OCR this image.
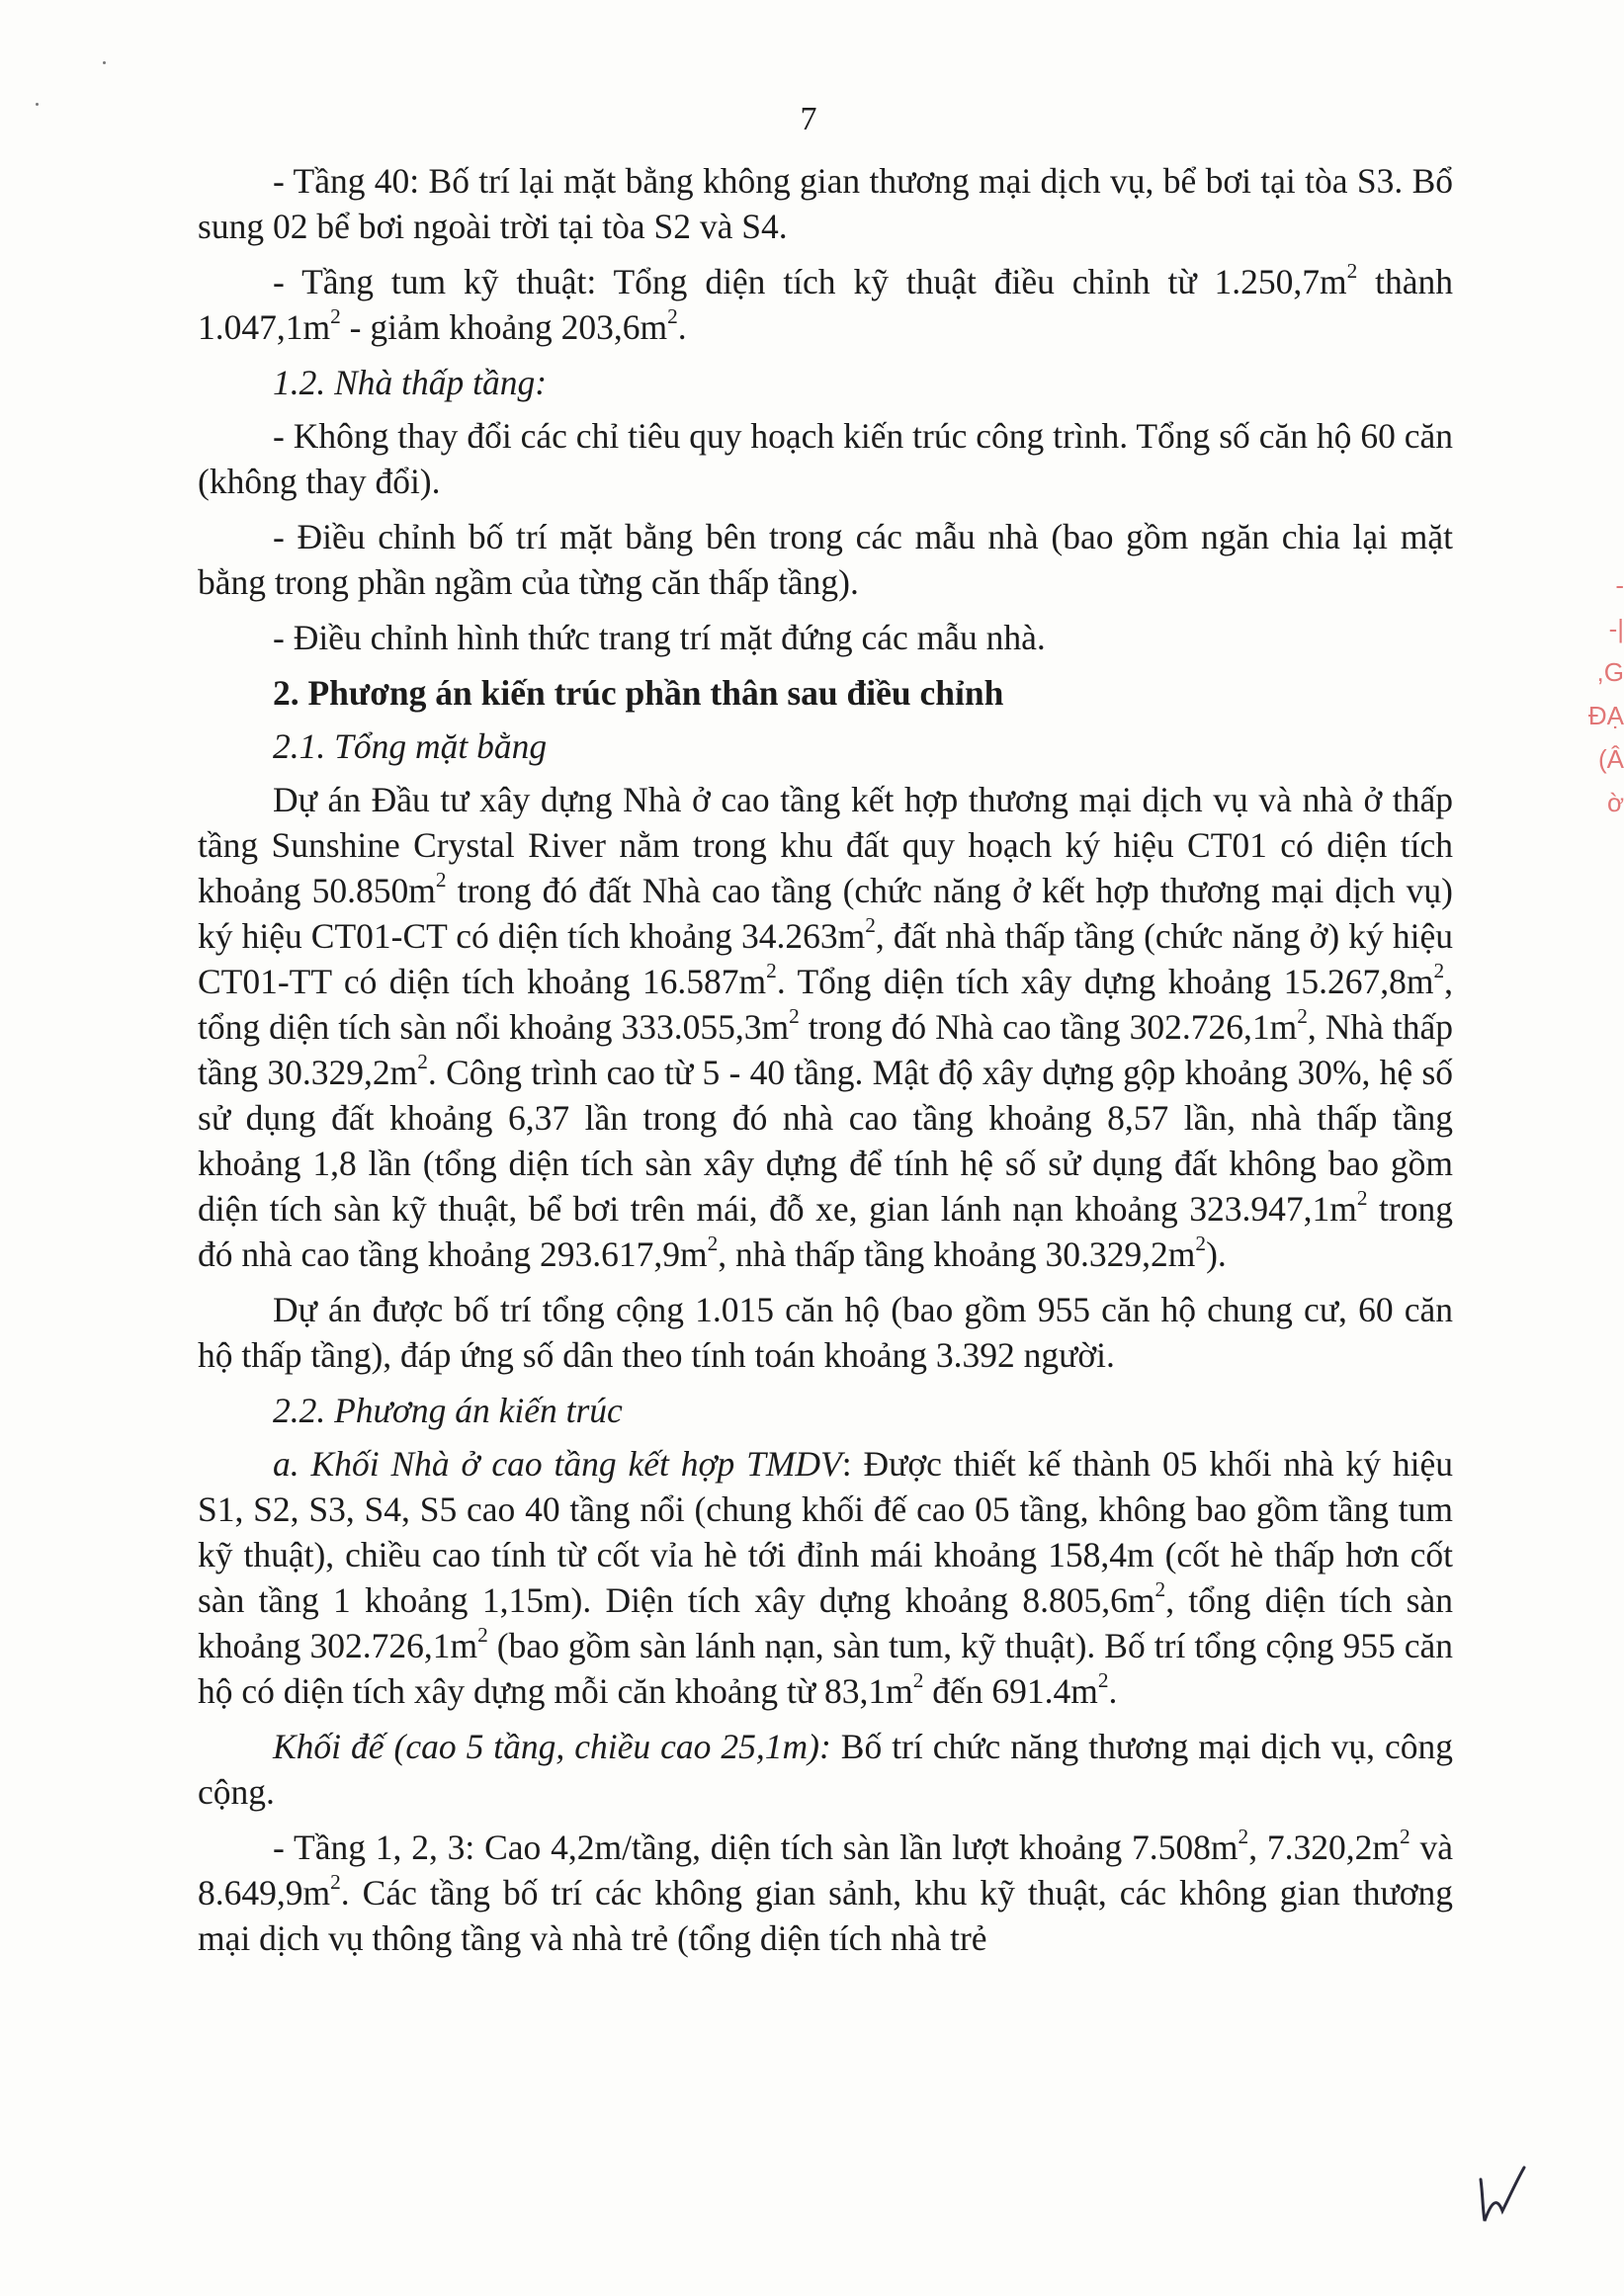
7

- Tầng 40: Bố trí lại mặt bằng không gian thương mại dịch vụ, bể bơi tại tòa S3. Bổ sung 02 bể bơi ngoài trời tại tòa S2 và S4.

- Tầng tum kỹ thuật: Tổng diện tích kỹ thuật điều chỉnh từ $1.250,7m^2$ thành $1.047,1m^2$ - giảm khoảng $203,6m^2$.

1.2. Nhà thấp tầng:

- Không thay đổi các chỉ tiêu quy hoạch kiến trúc công trình. Tổng số căn hộ 60 căn (không thay đổi).

- Điều chỉnh bố trí mặt bằng bên trong các mẫu nhà (bao gồm ngăn chia lại mặt bằng trong phần ngầm của từng căn thấp tầng).

- Điều chỉnh hình thức trang trí mặt đứng các mẫu nhà.

2. Phương án kiến trúc phần thân sau điều chỉnh

2.1. Tổng mặt bằng

Dự án Đầu tư xây dựng Nhà ở cao tầng kết hợp thương mại dịch vụ và nhà ở thấp tầng Sunshine Crystal River nằm trong khu đất quy hoạch ký hiệu CT01 có diện tích khoảng $50.850m^2$ trong đó đất Nhà cao tầng (chức năng ở kết hợp thương mại dịch vụ) ký hiệu CT01-CT có diện tích khoảng $34.263m^2$, đất nhà thấp tầng (chức năng ở) ký hiệu CT01-TT có diện tích khoảng $16.587m^2$. Tổng diện tích xây dựng khoảng $15.267,8m^2$, tổng diện tích sàn nổi khoảng $333.055,3m^2$ trong đó Nhà cao tầng $302.726,1m^2$, Nhà thấp tầng $30.329,2m^2$. Công trình cao từ 5 - 40 tầng. Mật độ xây dựng gộp khoảng 30%, hệ số sử dụng đất khoảng 6,37 lần trong đó nhà cao tầng khoảng 8,57 lần, nhà thấp tầng khoảng 1,8 lần (tổng diện tích sàn xây dựng để tính hệ số sử dụng đất không bao gồm diện tích sàn kỹ thuật, bể bơi trên mái, đỗ xe, gian lánh nạn khoảng $323.947,1m^2$ trong đó nhà cao tầng khoảng $293.617,9m^2$, nhà thấp tầng khoảng $30.329,2m^2$).

Dự án được bố trí tổng cộng 1.015 căn hộ (bao gồm 955 căn hộ chung cư, 60 căn hộ thấp tầng), đáp ứng số dân theo tính toán khoảng 3.392 người.

2.2. Phương án kiến trúc

a. Khối Nhà ở cao tầng kết hợp TMDV: Được thiết kế thành 05 khối nhà ký hiệu S1, S2, S3, S4, S5 cao 40 tầng nổi (chung khối đế cao 05 tầng, không bao gồm tầng tum kỹ thuật), chiều cao tính từ cốt vỉa hè tới đỉnh mái khoảng 158,4m (cốt hè thấp hơn cốt sàn tầng 1 khoảng 1,15m). Diện tích xây dựng khoảng $8.805,6m^2$, tổng diện tích sàn khoảng $302.726,1m^2$ (bao gồm sàn lánh nạn, sàn tum, kỹ thuật). Bố trí tổng cộng 955 căn hộ có diện tích xây dựng mỗi căn khoảng từ $83,1m^2$ đến $691.4m^2$.

Khối đế (cao 5 tầng, chiều cao 25,1m): Bố trí chức năng thương mại dịch vụ, công cộng.

- Tầng 1, 2, 3: Cao 4,2m/tầng, diện tích sàn lần lượt khoảng $7.508m^2$, $7.320,2m^2$ và $8.649,9m^2$. Các tầng bố trí các không gian sảnh, khu kỹ thuật, các không gian thương mại dịch vụ thông tầng và nhà trẻ (tổng diện tích nhà trẻ

-
-|
,G
ĐẠ
(Â
ờ
